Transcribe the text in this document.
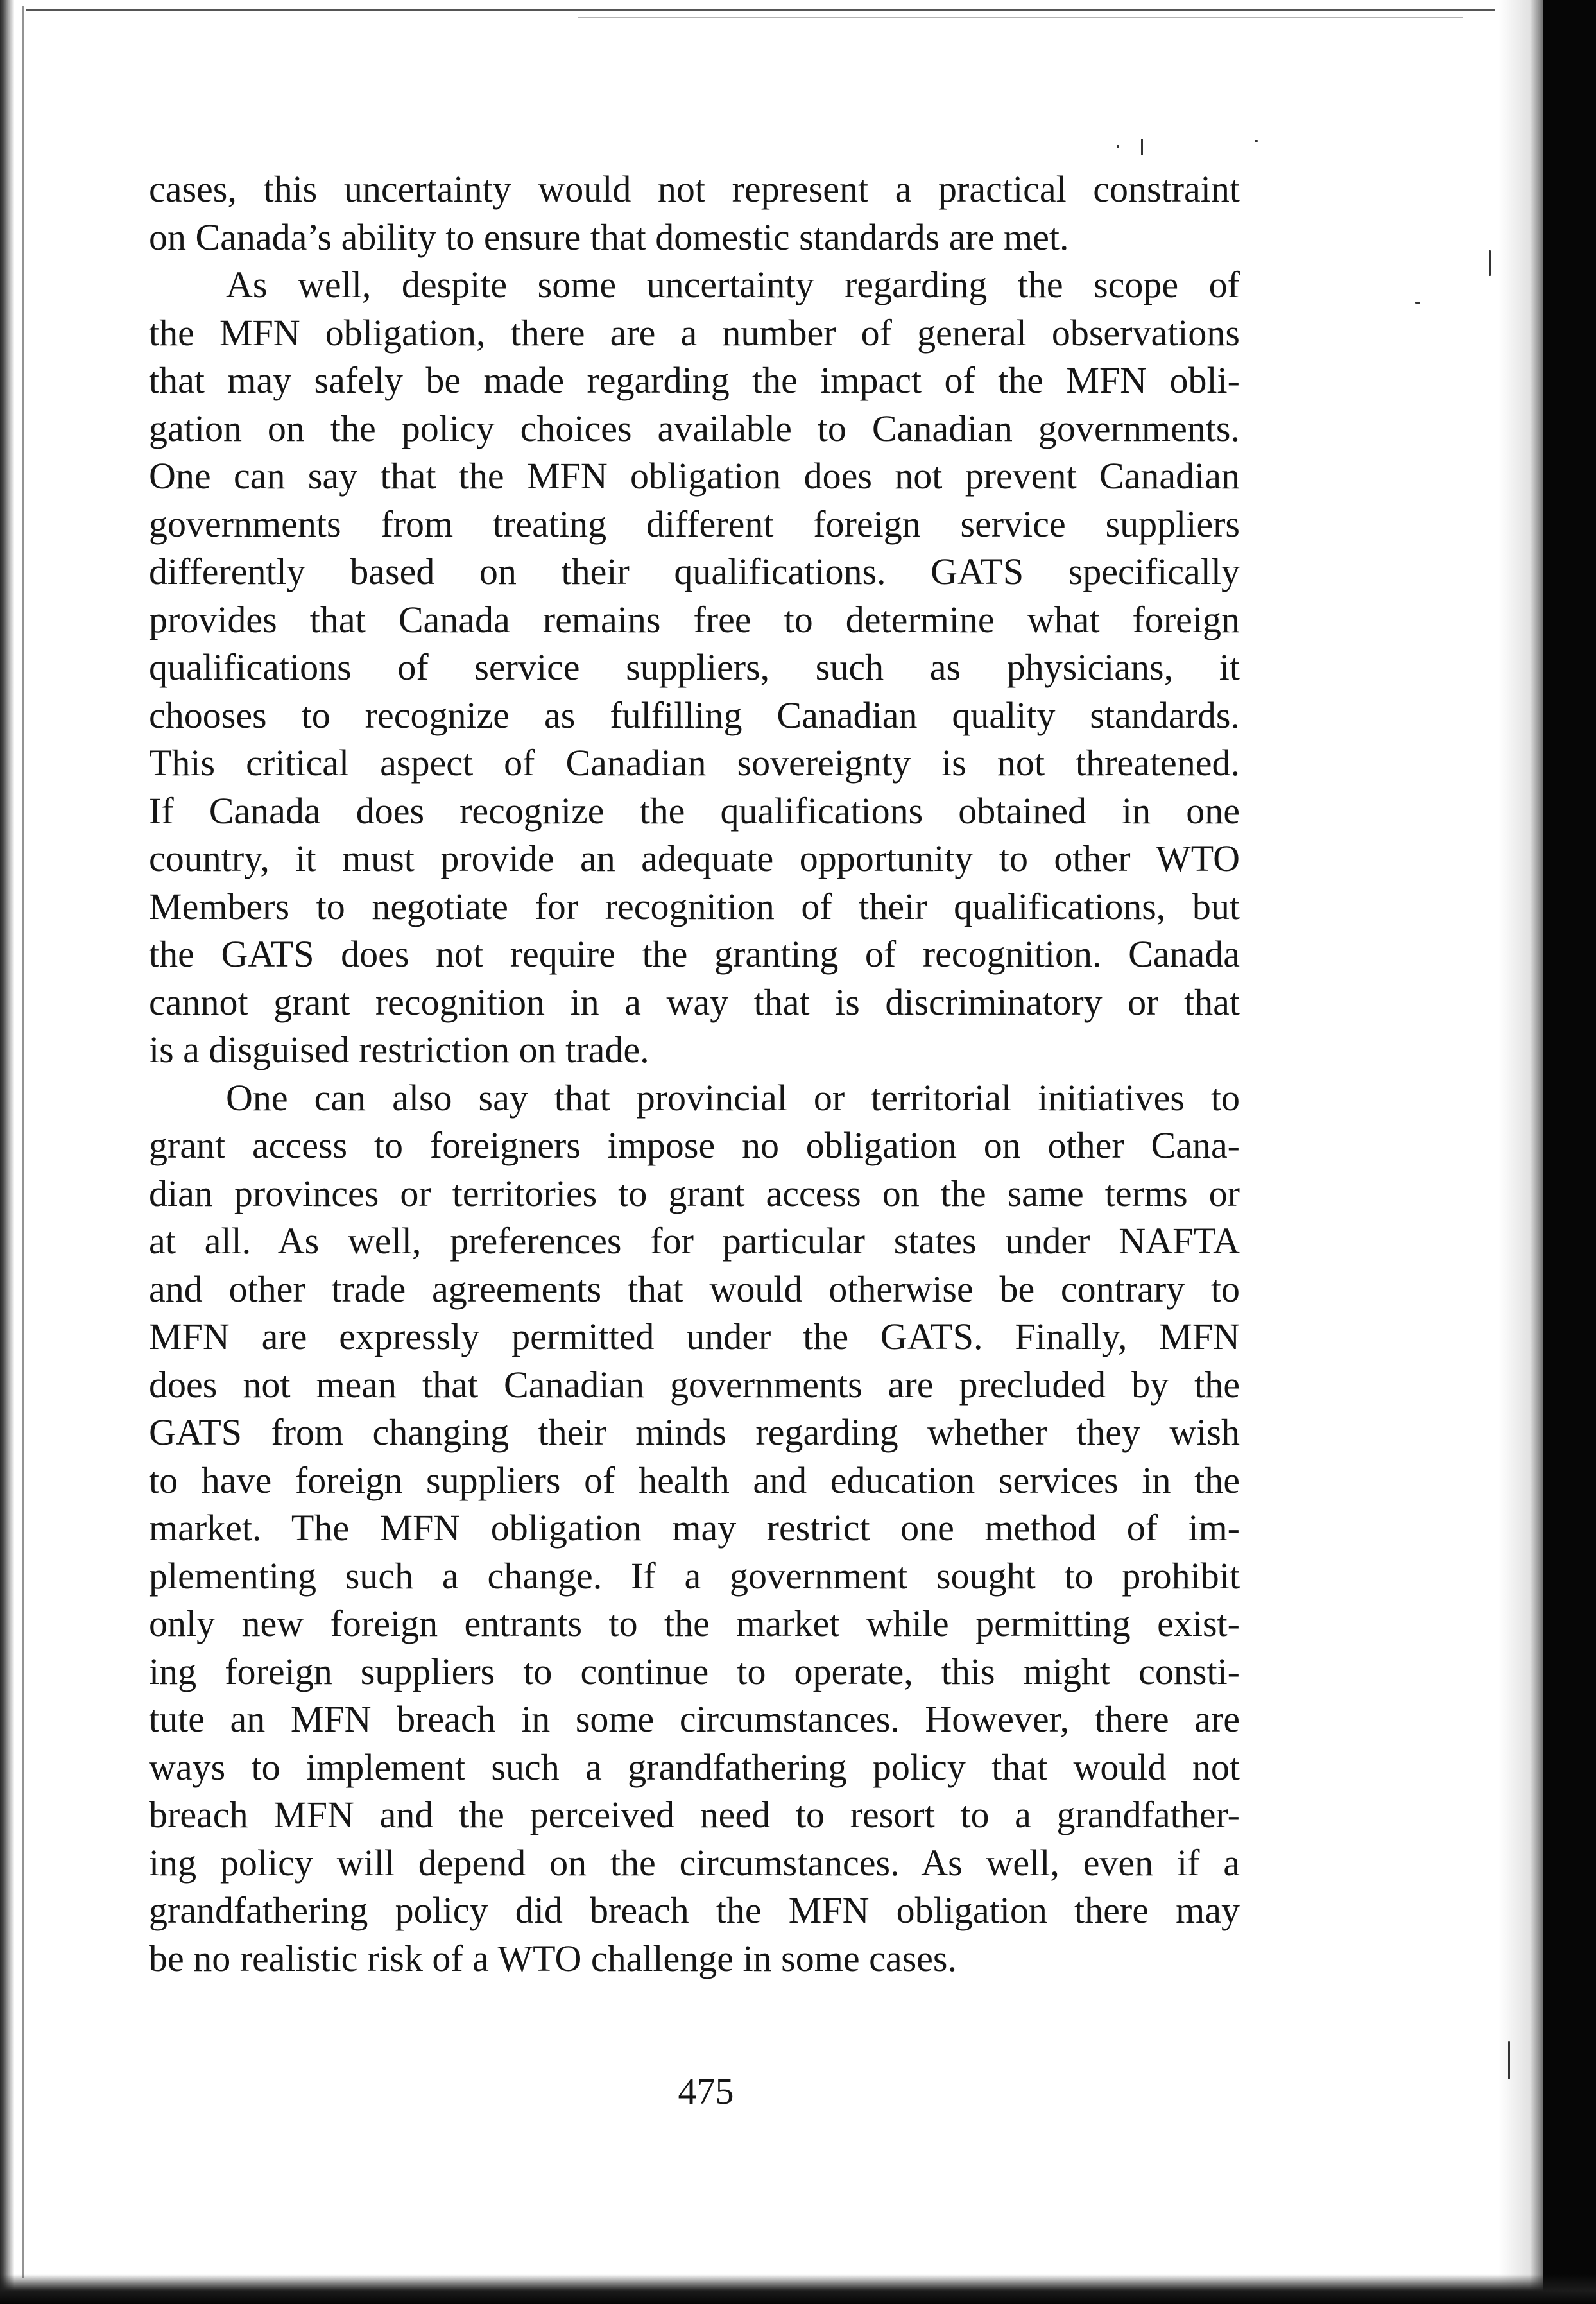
cases, this uncertainty would not represent a practical constraint
on Canada’s ability to ensure that domestic standards are met.
As well, despite some uncertainty regarding the scope of
the MFN obligation, there are a number of general observations
that may safely be made regarding the impact of the MFN obli-
gation on the policy choices available to Canadian governments.
One can say that the MFN obligation does not prevent Canadian
governments from treating different foreign service suppliers
differently based on their qualifications. GATS specifically
provides that Canada remains free to determine what foreign
qualifications of service suppliers, such as physicians, it
chooses to recognize as fulfilling Canadian quality standards.
This critical aspect of Canadian sovereignty is not threatened.
If Canada does recognize the qualifications obtained in one
country, it must provide an adequate opportunity to other WTO
Members to negotiate for recognition of their qualifications, but
the GATS does not require the granting of recognition. Canada
cannot grant recognition in a way that is discriminatory or that
is a disguised restriction on trade.
One can also say that provincial or territorial initiatives to
grant access to foreigners impose no obligation on other Cana-
dian provinces or territories to grant access on the same terms or
at all. As well, preferences for particular states under NAFTA
and other trade agreements that would otherwise be contrary to
MFN are expressly permitted under the GATS. Finally, MFN
does not mean that Canadian governments are precluded by the
GATS from changing their minds regarding whether they wish
to have foreign suppliers of health and education services in the
market. The MFN obligation may restrict one method of im-
plementing such a change. If a government sought to prohibit
only new foreign entrants to the market while permitting exist-
ing foreign suppliers to continue to operate, this might consti-
tute an MFN breach in some circumstances. However, there are
ways to implement such a grandfathering policy that would not
breach MFN and the perceived need to resort to a grandfather-
ing policy will depend on the circumstances. As well, even if a
grandfathering policy did breach the MFN obligation there may
be no realistic risk of a WTO challenge in some cases.
475
